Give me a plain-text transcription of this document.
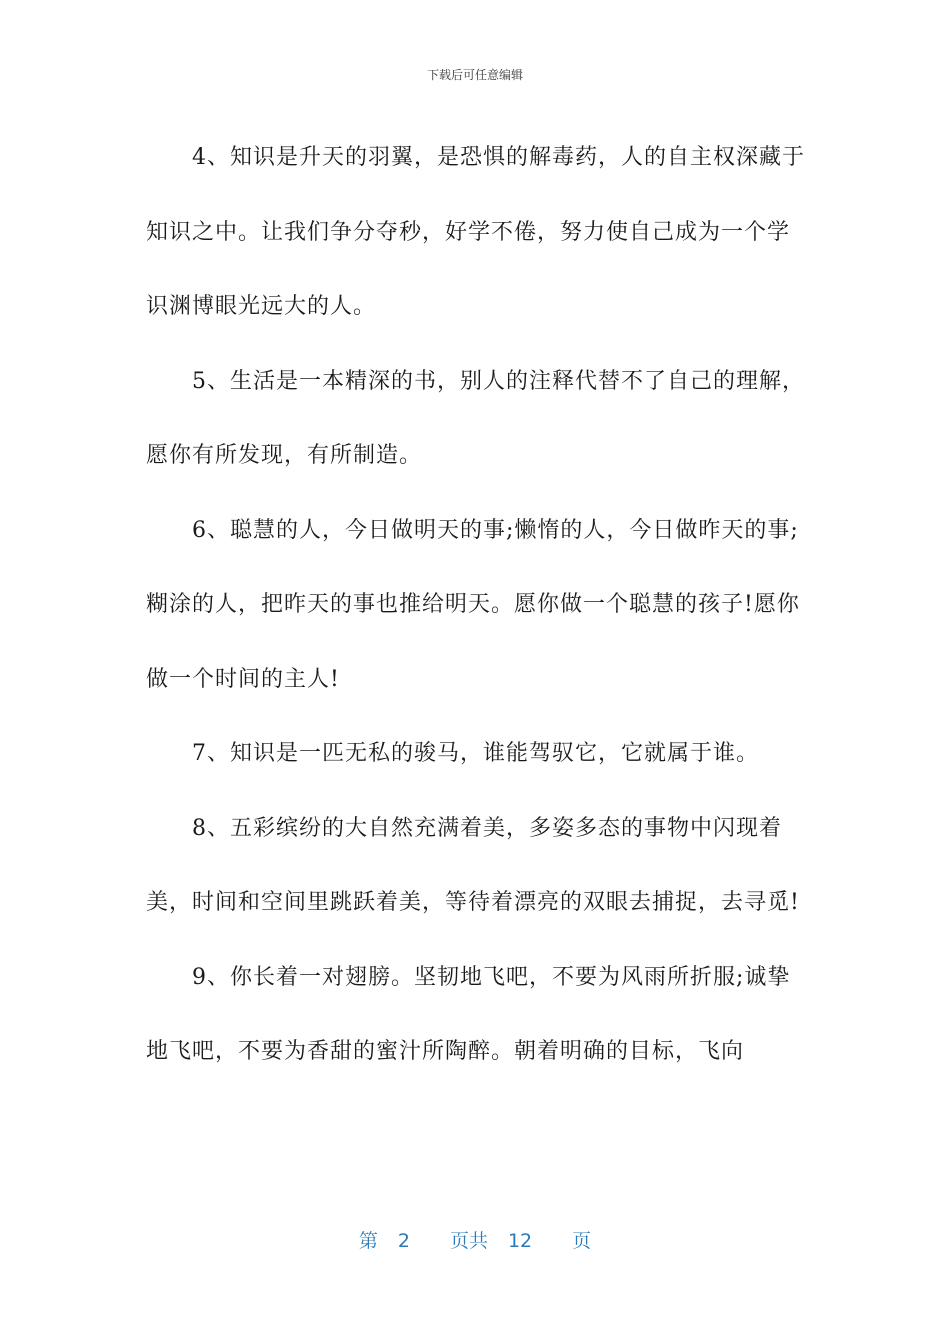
下载后可任意编辑

4、知识是升天的羽翼，是恐惧的解毒药，人的自主权深藏于知识之中。让我们争分夺秒，好学不倦，努力使自己成为一个学识渊博眼光远大的人。

5、生活是一本精深的书，别人的注释代替不了自己的理解，愿你有所发现，有所制造。

6、聪慧的人，今日做明天的事;懒惰的人，今日做昨天的事;糊涂的人，把昨天的事也推给明天。愿你做一个聪慧的孩子!愿你做一个时间的主人!

7、知识是一匹无私的骏马，谁能驾驭它，它就属于谁。

8、五彩缤纷的大自然充满着美，多姿多态的事物中闪现着美，时间和空间里跳跃着美，等待着漂亮的双眼去捕捉，去寻觅!

9、你长着一对翅膀。坚韧地飞吧，不要为风雨所折服;诚挚地飞吧，不要为香甜的蜜汁所陶醉。朝着明确的目标，飞向

第 2 页共 12 页
